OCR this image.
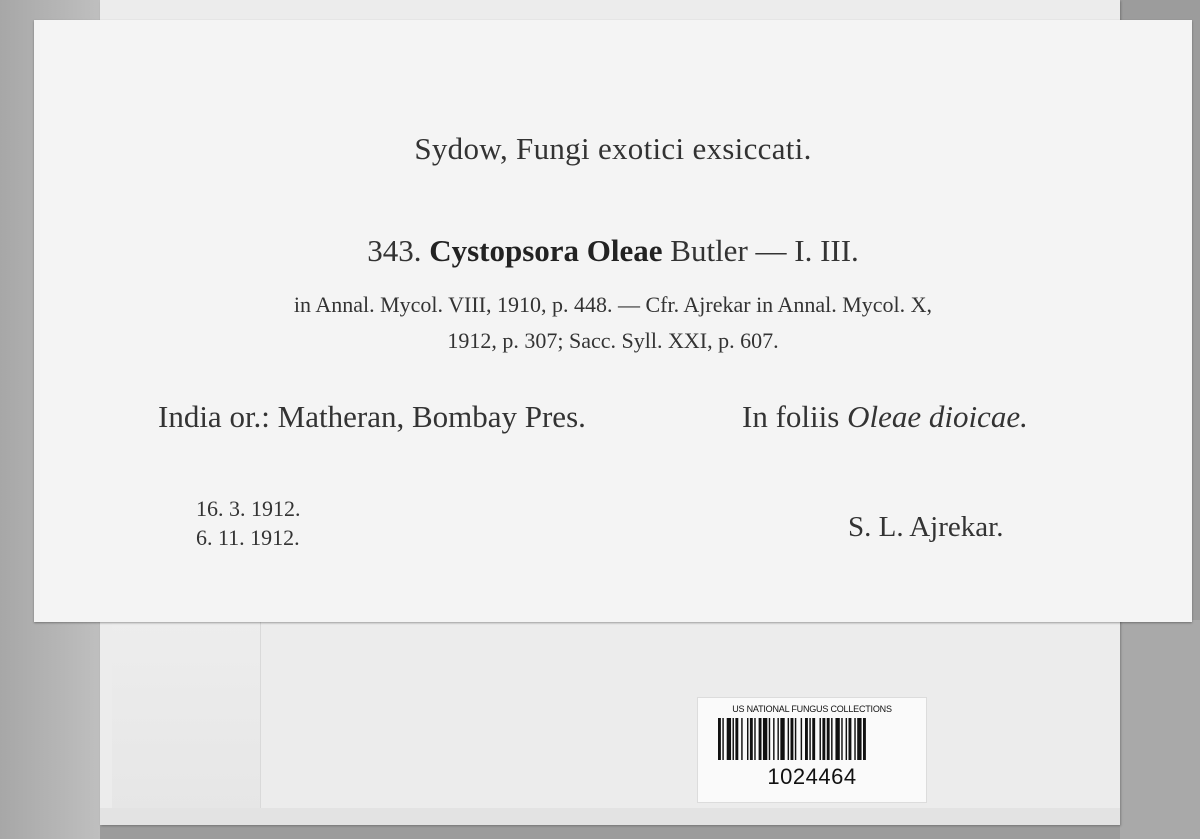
Sydow, Fungi exotici exsiccati.
343. Cystopsora Oleae Butler — I. III.
in Annal. Mycol. VIII, 1910, p. 448. — Cfr. Ajrekar in Annal. Mycol. X,
1912, p. 307; Sacc. Syll. XXI, p. 607.
India or.: Matheran, Bombay Pres.	In foliis Oleae dioicae.
16. 3. 1912.
6. 11. 1912.	S. L. Ajrekar.
US NATIONAL FUNGUS COLLECTIONS
1024464
